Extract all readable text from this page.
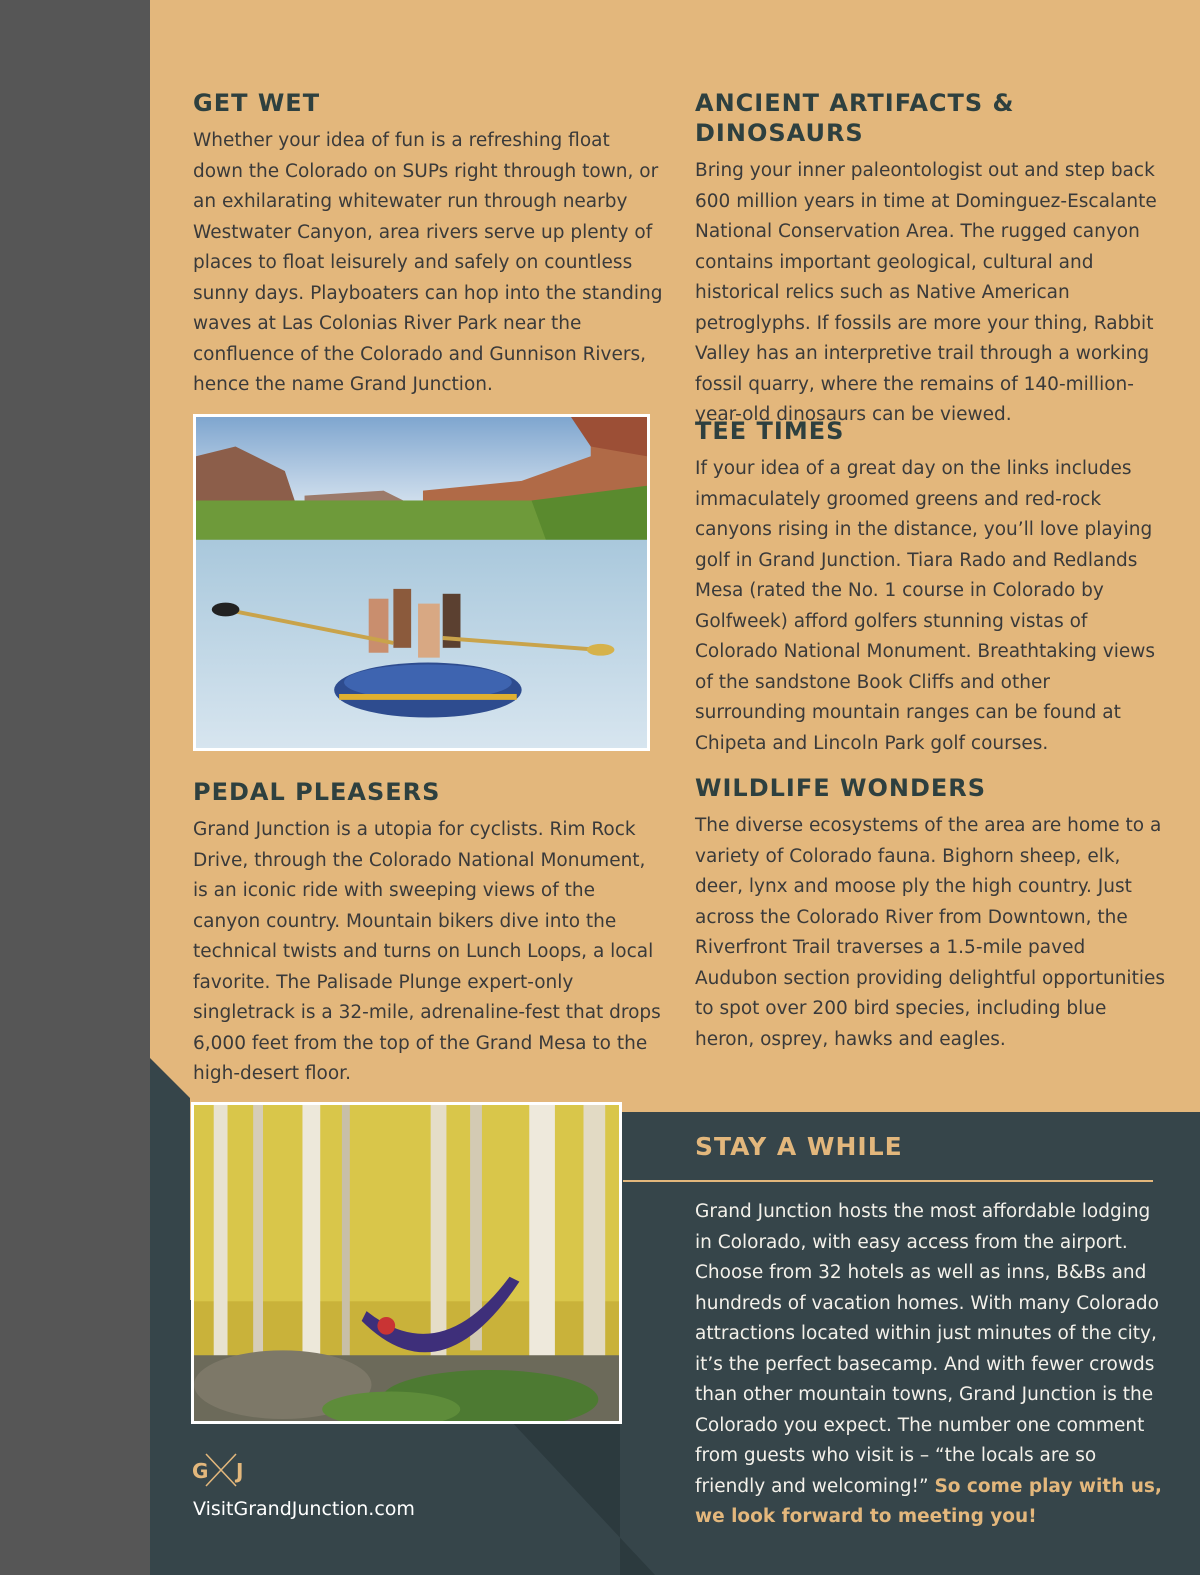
GET WET

Whether your idea of fun is a refreshing float down the Colorado on SUPs right through town, or an exhilarating whitewater run through nearby Westwater Canyon, area rivers serve up plenty of places to float leisurely and safely on countless sunny days. Playboaters can hop into the standing waves at Las Colonias River Park near the confluence of the Colorado and Gunnison Rivers, hence the name Grand Junction.

ANCIENT ARTIFACTS & DINOSAURS

Bring your inner paleontologist out and step back 600 million years in time at Dominguez-Escalante National Conservation Area. The rugged canyon contains important geological, cultural and historical relics such as Native American petroglyphs. If fossils are more your thing, Rabbit Valley has an interpretive trail through a working fossil quarry, where the remains of 140-million-year-old dinosaurs can be viewed.

TEE TIMES

If your idea of a great day on the links includes immaculately groomed greens and red-rock canyons rising in the distance, you’ll love playing golf in Grand Junction. Tiara Rado and Redlands Mesa (rated the No. 1 course in Colorado by Golfweek) afford golfers stunning vistas of Colorado National Monument. Breathtaking views of the sandstone Book Cliffs and other surrounding mountain ranges can be found at Chipeta and Lincoln Park golf courses.

PEDAL PLEASERS

Grand Junction is a utopia for cyclists. Rim Rock Drive, through the Colorado National Monument, is an iconic ride with sweeping views of the canyon country. Mountain bikers dive into the technical twists and turns on Lunch Loops, a local favorite. The Palisade Plunge expert-only singletrack is a 32-mile, adrenaline-fest that drops 6,000 feet from the top of the Grand Mesa to the high-desert floor.

WILDLIFE WONDERS

The diverse ecosystems of the area are home to a variety of Colorado fauna. Bighorn sheep, elk, deer, lynx and moose ply the high country. Just across the Colorado River from Downtown, the Riverfront Trail traverses a 1.5-mile paved Audubon section providing delightful opportunities to spot over 200 bird species, including blue heron, osprey, hawks and eagles.

STAY A WHILE

Grand Junction hosts the most affordable lodging in Colorado, with easy access from the airport. Choose from 32 hotels as well as inns, B&Bs and hundreds of vacation homes. With many Colorado attractions located within just minutes of the city, it’s the perfect basecamp. And with fewer crowds than other mountain towns, Grand Junction is the Colorado you expect. The number one comment from guests who visit is – “the locals are so friendly and welcoming!” So come play with us, we look forward to meeting you!

G J

VisitGrandJunction.com
